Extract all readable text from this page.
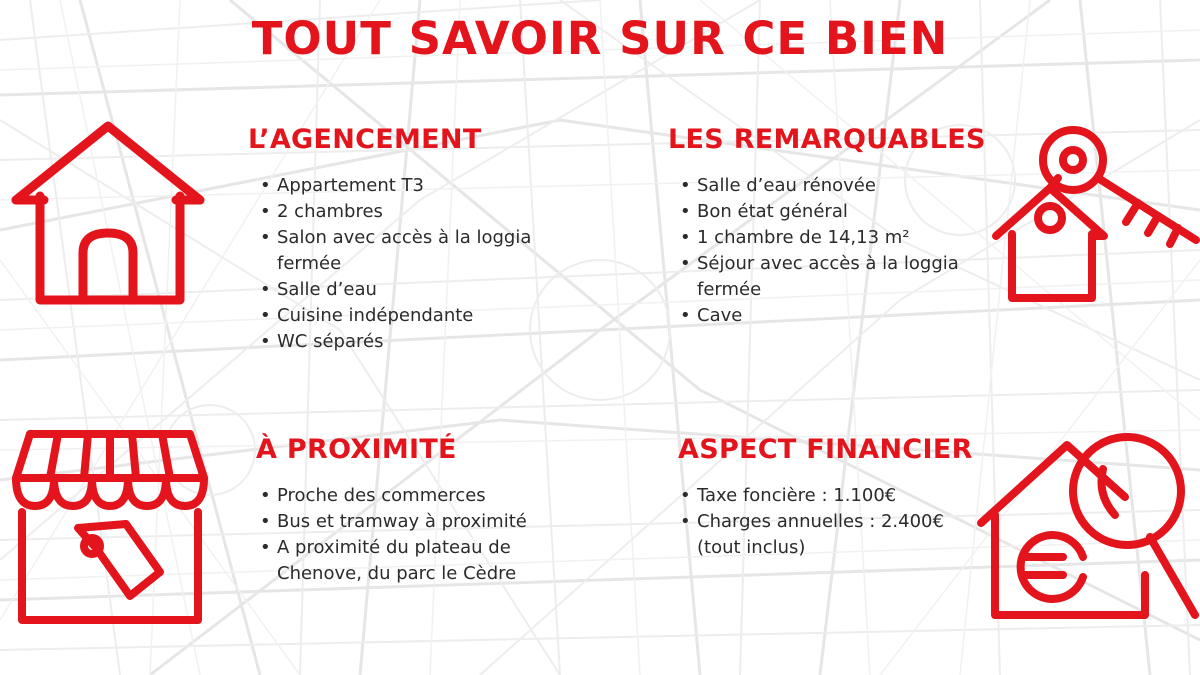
TOUT SAVOIR SUR CE BIEN
L’AGENCEMENT
• Appartement T3
• 2 chambres
• Salon avec accès à la loggia
fermée
• Salle d’eau
• Cuisine indépendante
• WC séparés
LES REMARQUABLES
• Salle d’eau rénovée
• Bon état général
• 1 chambre de 14,13 m²
• Séjour avec accès à la loggia
fermée
• Cave
À PROXIMITÉ
• Proche des commerces
• Bus et tramway à proximité
• A proximité du plateau de
Chenove, du parc le Cèdre
ASPECT FINANCIER
• Taxe foncière : 1.100€
• Charges annuelles : 2.400€
(tout inclus)
